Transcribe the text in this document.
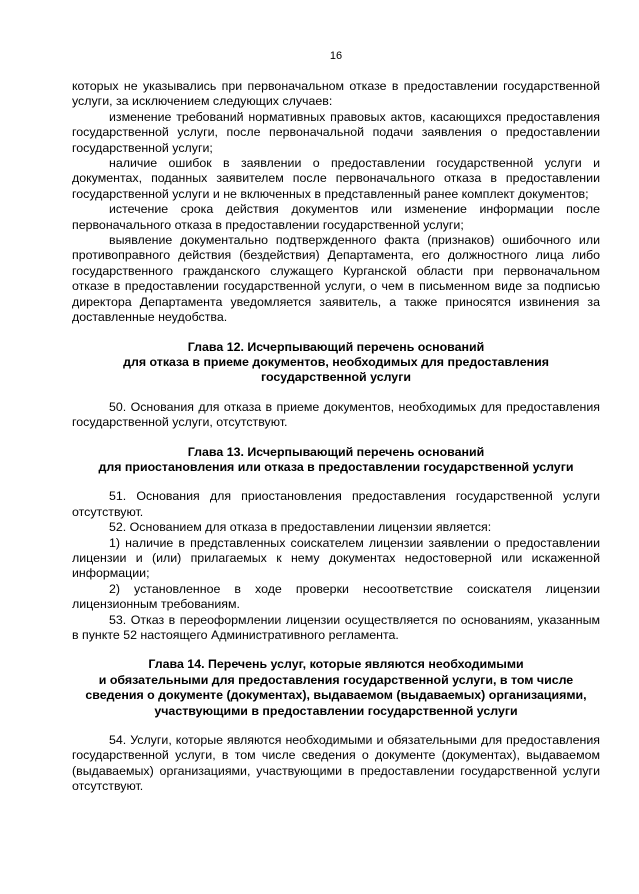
16

которых не указывались при первоначальном отказе в предоставлении государственной услуги, за исключением следующих случаев:

изменение требований нормативных правовых актов, касающихся предоставления государственной услуги, после первоначальной подачи заявления о предоставлении государственной услуги;

наличие ошибок в заявлении о предоставлении государственной услуги и документах, поданных заявителем после первоначального отказа в предоставлении государственной услуги и не включенных в представленный ранее комплект документов;

истечение срока действия документов или изменение информации после первоначального отказа в предоставлении государственной услуги;

выявление документально подтвержденного факта (признаков) ошибочного или противоправного действия (бездействия) Департамента, его должностного лица либо государственного гражданского служащего Курганской области при первоначальном отказе в предоставлении государственной услуги, о чем в письменном виде за подписью директора Департамента уведомляется заявитель, а также приносятся извинения за доставленные неудобства.

Глава 12. Исчерпывающий перечень оснований
для отказа в приеме документов, необходимых для предоставления
государственной услуги

50. Основания для отказа в приеме документов, необходимых для предоставления государственной услуги, отсутствуют.

Глава 13. Исчерпывающий перечень оснований
для приостановления или отказа в предоставлении государственной услуги

51. Основания для приостановления предоставления государственной услуги отсутствуют.

52. Основанием для отказа в предоставлении лицензии является:

1) наличие в представленных соискателем лицензии заявлении о предоставлении лицензии и (или) прилагаемых к нему документах недостоверной или искаженной информации;

2) установленное в ходе проверки несоответствие соискателя лицензии лицензионным требованиям.

53. Отказ в переоформлении лицензии осуществляется по основаниям, указанным в пункте 52 настоящего Административного регламента.

Глава 14. Перечень услуг, которые являются необходимыми
и обязательными для предоставления государственной услуги, в том числе
сведения о документе (документах), выдаваемом (выдаваемых) организациями,
участвующими в предоставлении государственной услуги

54. Услуги, которые являются необходимыми и обязательными для предоставления государственной услуги, в том числе сведения о документе (документах), выдаваемом (выдаваемых) организациями, участвующими в предоставлении государственной услуги отсутствуют.
